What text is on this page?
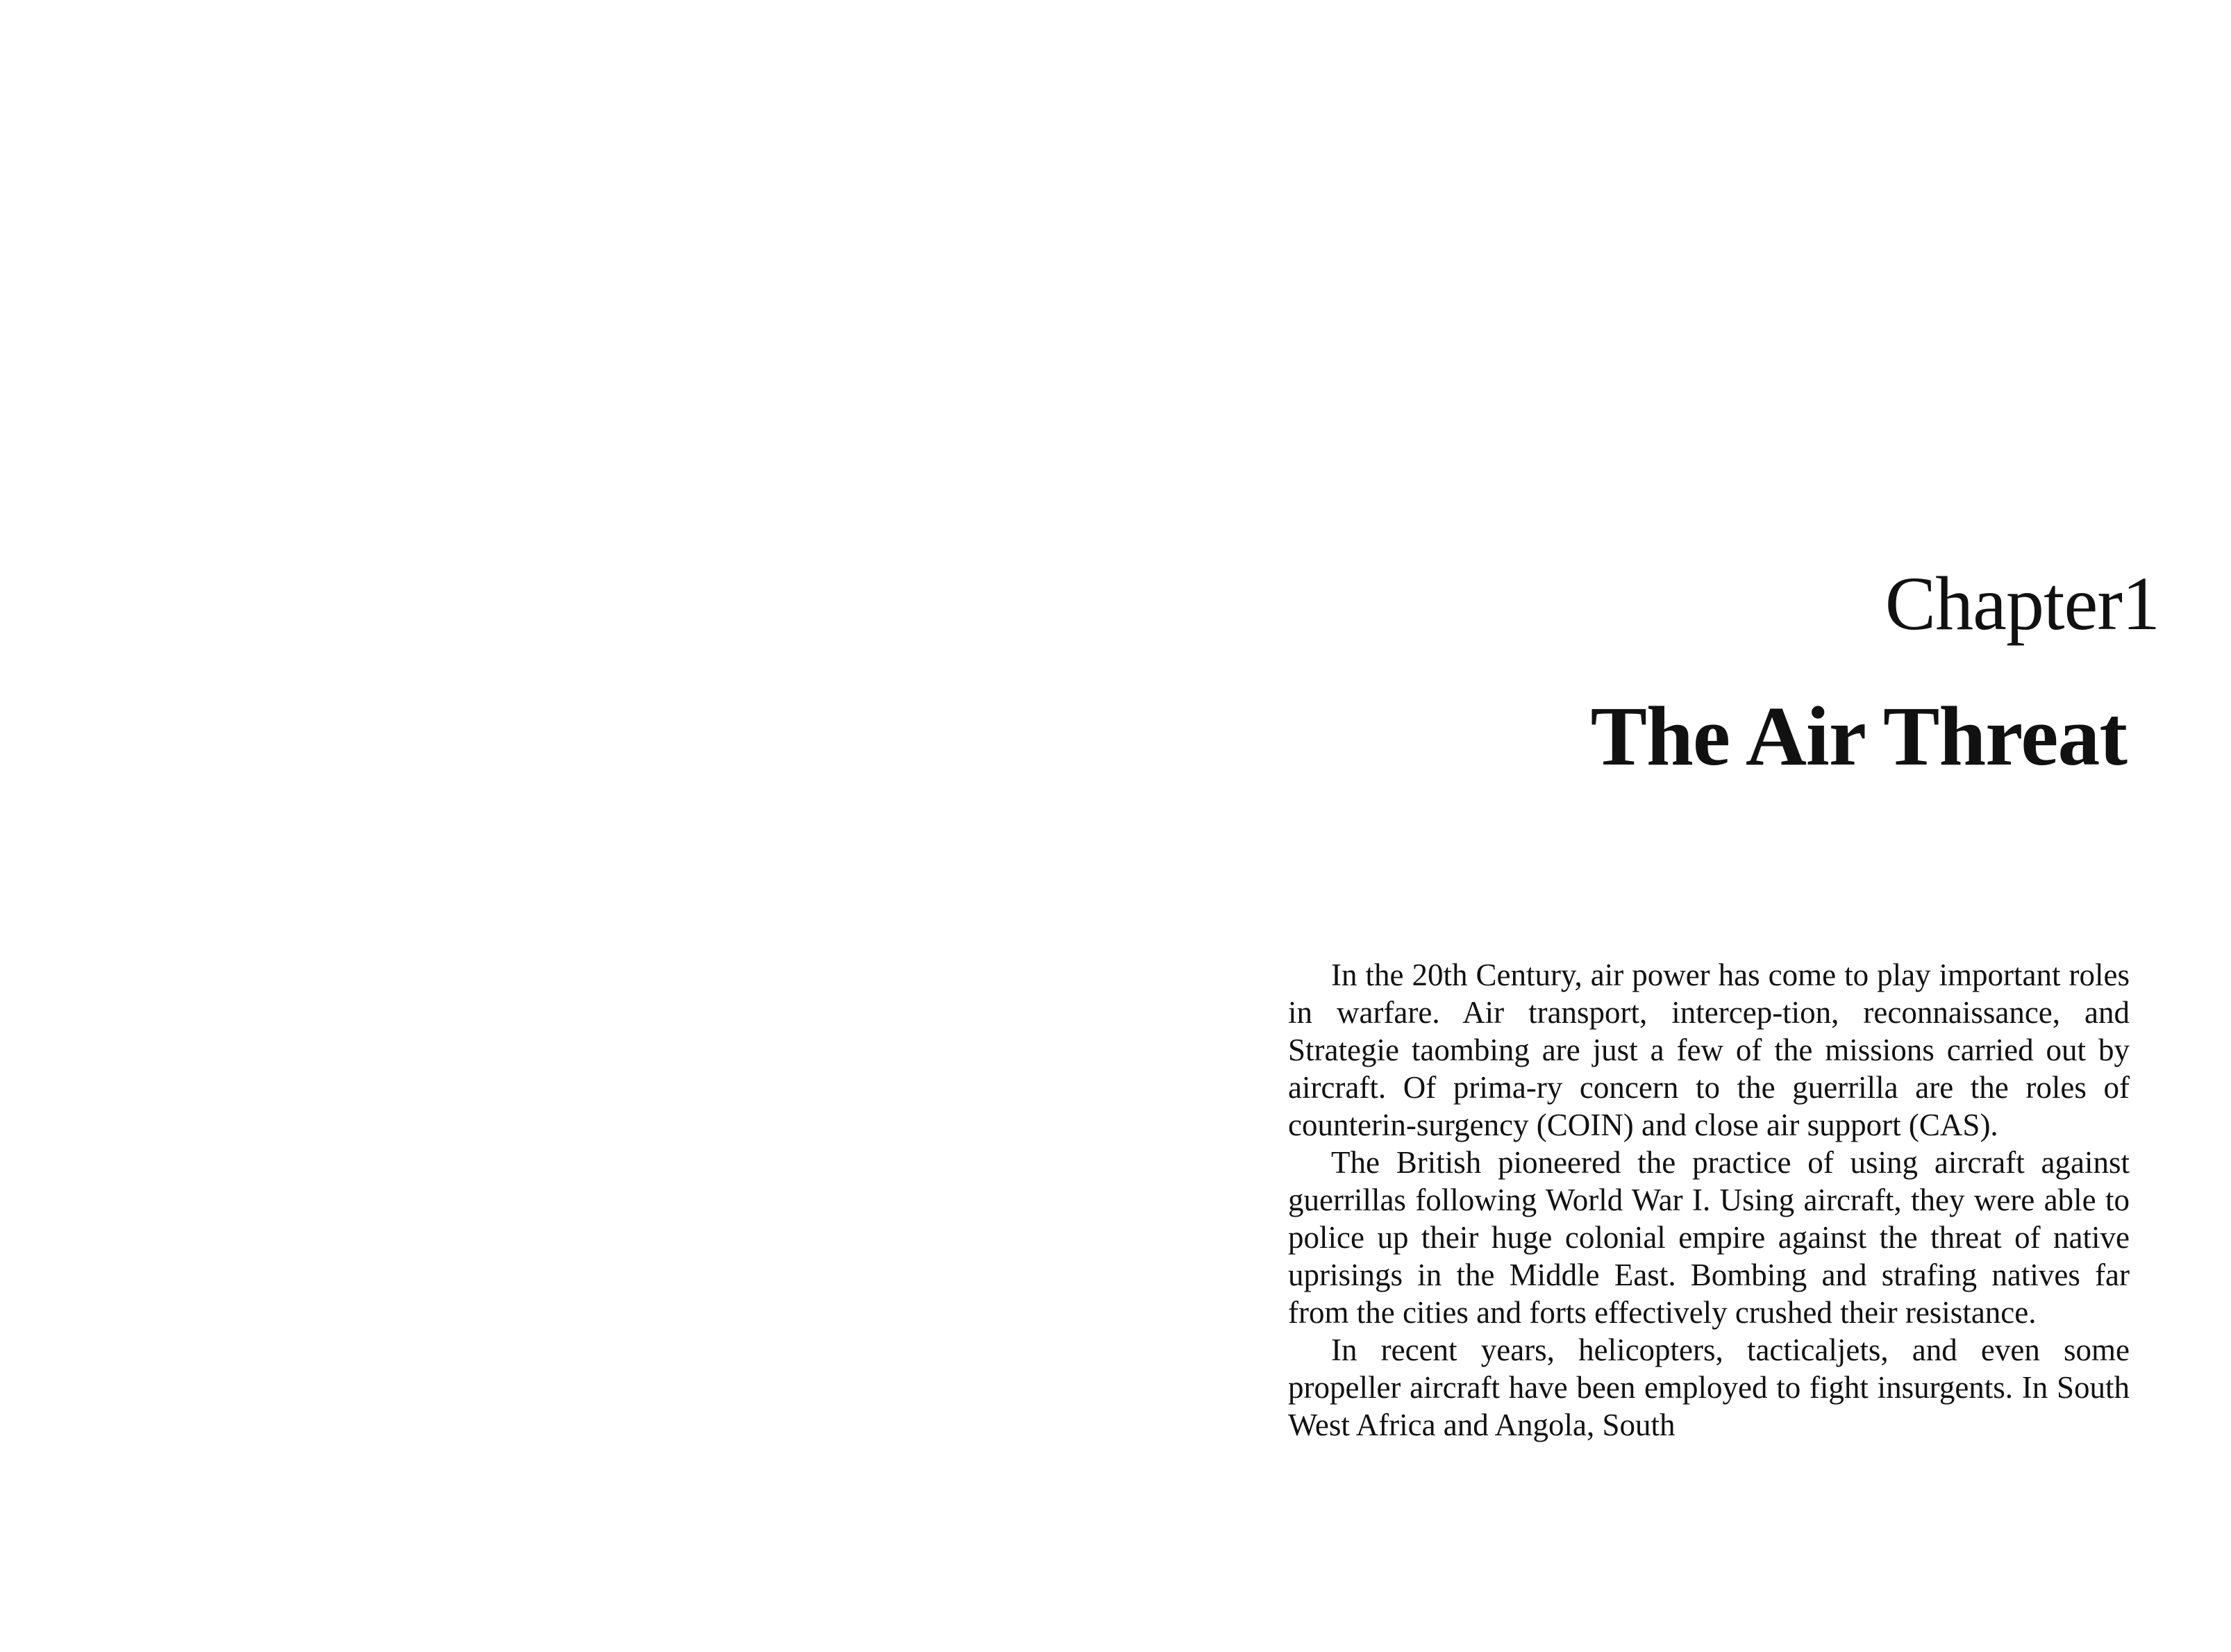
Chapter1
The Air Threat

In the 20th Century, air power has come to play important roles in warfare. Air transport, intercep-tion, reconnaissance, and Strategie taombing are just a few of the missions carried out by aircraft. Of prima-ry concern to the guerrilla are the roles of counterin-surgency (COIN) and close air support (CAS).

The British pioneered the practice of using aircraft against guerrillas following World War I. Using aircraft, they were able to police up their huge colonial empire against the threat of native uprisings in the Middle East. Bombing and strafing natives far from the cities and forts effectively crushed their resistance.

In recent years, helicopters, tacticaljets, and even some propeller aircraft have been employed to fight insurgents. In South West Africa and Angola, South
